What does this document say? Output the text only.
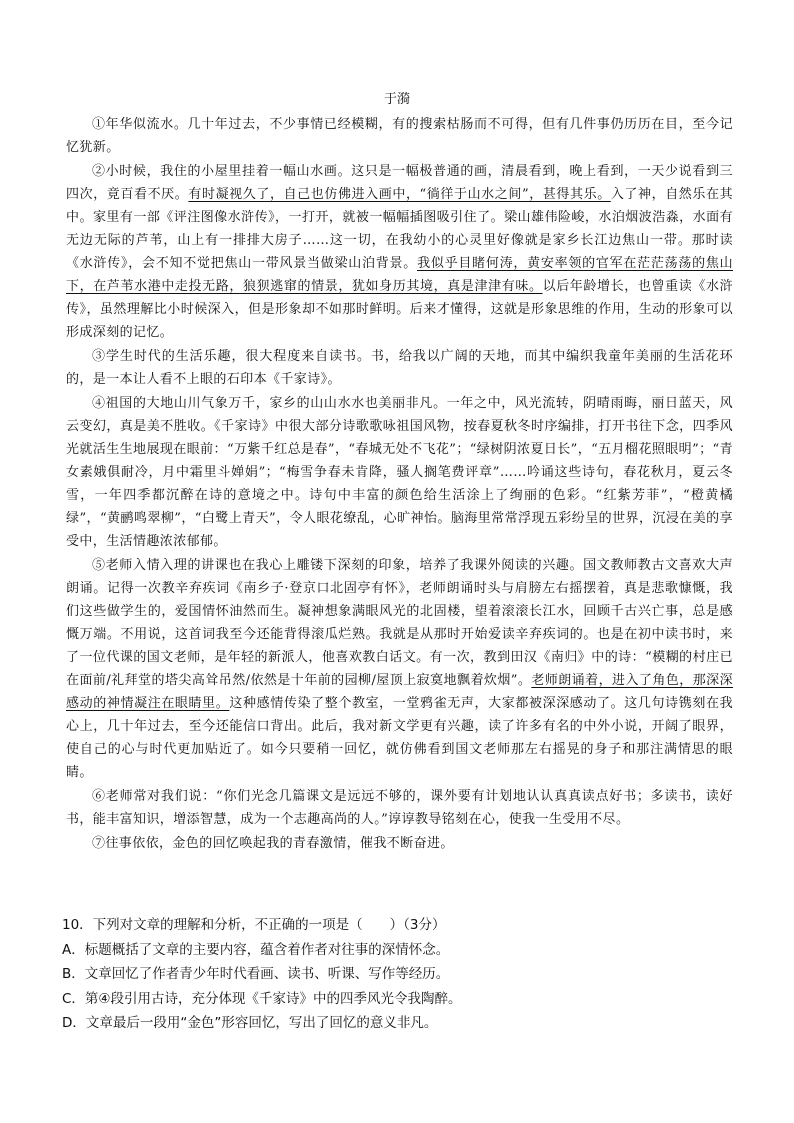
于漪

①年华似流水。几十年过去，不少事情已经模糊，有的搜索枯肠而不可得，但有几件事仍历历在目，至今记忆犹新。

②小时候，我住的小屋里挂着一幅山水画。这只是一幅极普通的画，清晨看到，晚上看到，一天少说看到三四次，竟百看不厌。有时凝视久了，自己也仿佛进入画中，“徜徉于山水之间”，甚得其乐。入了神，自然乐在其中。家里有一部《评注图像水浒传》，一打开，就被一幅幅插图吸引住了。梁山雄伟险峻，水泊烟波浩淼，水面有无边无际的芦苇，山上有一排排大房子……这一切，在我幼小的心灵里好像就是家乡长江边焦山一带。那时读《水浒传》，会不知不觉把焦山一带风景当做梁山泊背景。我似乎目睹何涛，黄安率领的官军在茫茫荡荡的焦山下，在芦苇水港中走投无路，狼狈逃窜的情景，犹如身历其境，真是津津有味。以后年龄增长，也曾重读《水浒传》，虽然理解比小时候深入，但是形象却不如那时鲜明。后来才懂得，这就是形象思维的作用，生动的形象可以形成深刻的记忆。

③学生时代的生活乐趣，很大程度来自读书。书，给我以广阔的天地，而其中编织我童年美丽的生活花环的，是一本让人看不上眼的石印本《千家诗》。

④祖国的大地山川气象万千，家乡的山山水水也美丽非凡。一年之中，风光流转，阴晴雨晦，丽日蓝天，风云变幻，真是美不胜收。《千家诗》中很大部分诗歌歌咏祖国风物，按春夏秋冬时序编排，打开书往下念，四季风光就活生生地展现在眼前：“万紫千红总是春”，“春城无处不飞花”；“绿树阴浓夏日长”，“五月榴花照眼明”；“青女素娥俱耐冷，月中霜里斗婵娟”；“梅雪争春未肯降，骚人搁笔费评章”……吟诵这些诗句，春花秋月，夏云冬雪，一年四季都沉醉在诗的意境之中。诗句中丰富的颜色给生活涂上了绚丽的色彩。“红紫芳菲”，“橙黄橘绿”，“黄鹂鸣翠柳”，“白鹭上青天”，令人眼花缭乱，心旷神怡。脑海里常常浮现五彩纷呈的世界，沉浸在美的享受中，生活情趣浓浓郁郁。

⑤老师入情入理的讲课也在我心上雕镂下深刻的印象，培养了我课外阅读的兴趣。国文教师教古文喜欢大声朗诵。记得一次教辛弃疾词《南乡子·登京口北固亭有怀》，老师朗诵时头与肩膀左右摇摆着，真是悲歌慷慨，我们这些做学生的，爱国情怀油然而生。凝神想象满眼风光的北固楼，望着滚滚长江水，回顾千古兴亡事，总是感慨万端。不用说，这首词我至今还能背得滚瓜烂熟。我就是从那时开始爱读辛弃疾词的。也是在初中读书时，来了一位代课的国文老师，是年轻的新派人，他喜欢教白话文。有一次，教到田汉《南归》中的诗：“模糊的村庄已在面前/礼拜堂的塔尖高耸吊然/依然是十年前的园柳/屋顶上寂寞地飘着炊烟”。老师朗诵着，进入了角色，那深深感动的神情凝注在眼睛里。这种感情传染了整个教室，一堂鸦雀无声，大家都被深深感动了。这几句诗镌刻在我心上，几十年过去，至今还能信口背出。此后，我对新文学更有兴趣，读了许多有名的中外小说，开阔了眼界，使自己的心与时代更加贴近了。如今只要稍一回忆，就仿佛看到国文老师那左右摇晃的身子和那注满情思的眼睛。

⑥老师常对我们说：“你们光念几篇课文是远远不够的，课外要有计划地认认真真读点好书；多读书，读好书，能丰富知识，增添智慧，成为一个志趣高尚的人。”谆谆教导铭刻在心，使我一生受用不尽。

⑦往事依依，金色的回忆唤起我的青春激情，催我不断奋进。

10．下列对文章的理解和分析，不正确的一项是（　　）（3分）
A．标题概括了文章的主要内容，蕴含着作者对往事的深情怀念。
B．文章回忆了作者青少年时代看画、读书、听课、写作等经历。
C．第④段引用古诗，充分体现《千家诗》中的四季风光令我陶醉。
D．文章最后一段用“金色”形容回忆，写出了回忆的意义非凡。
